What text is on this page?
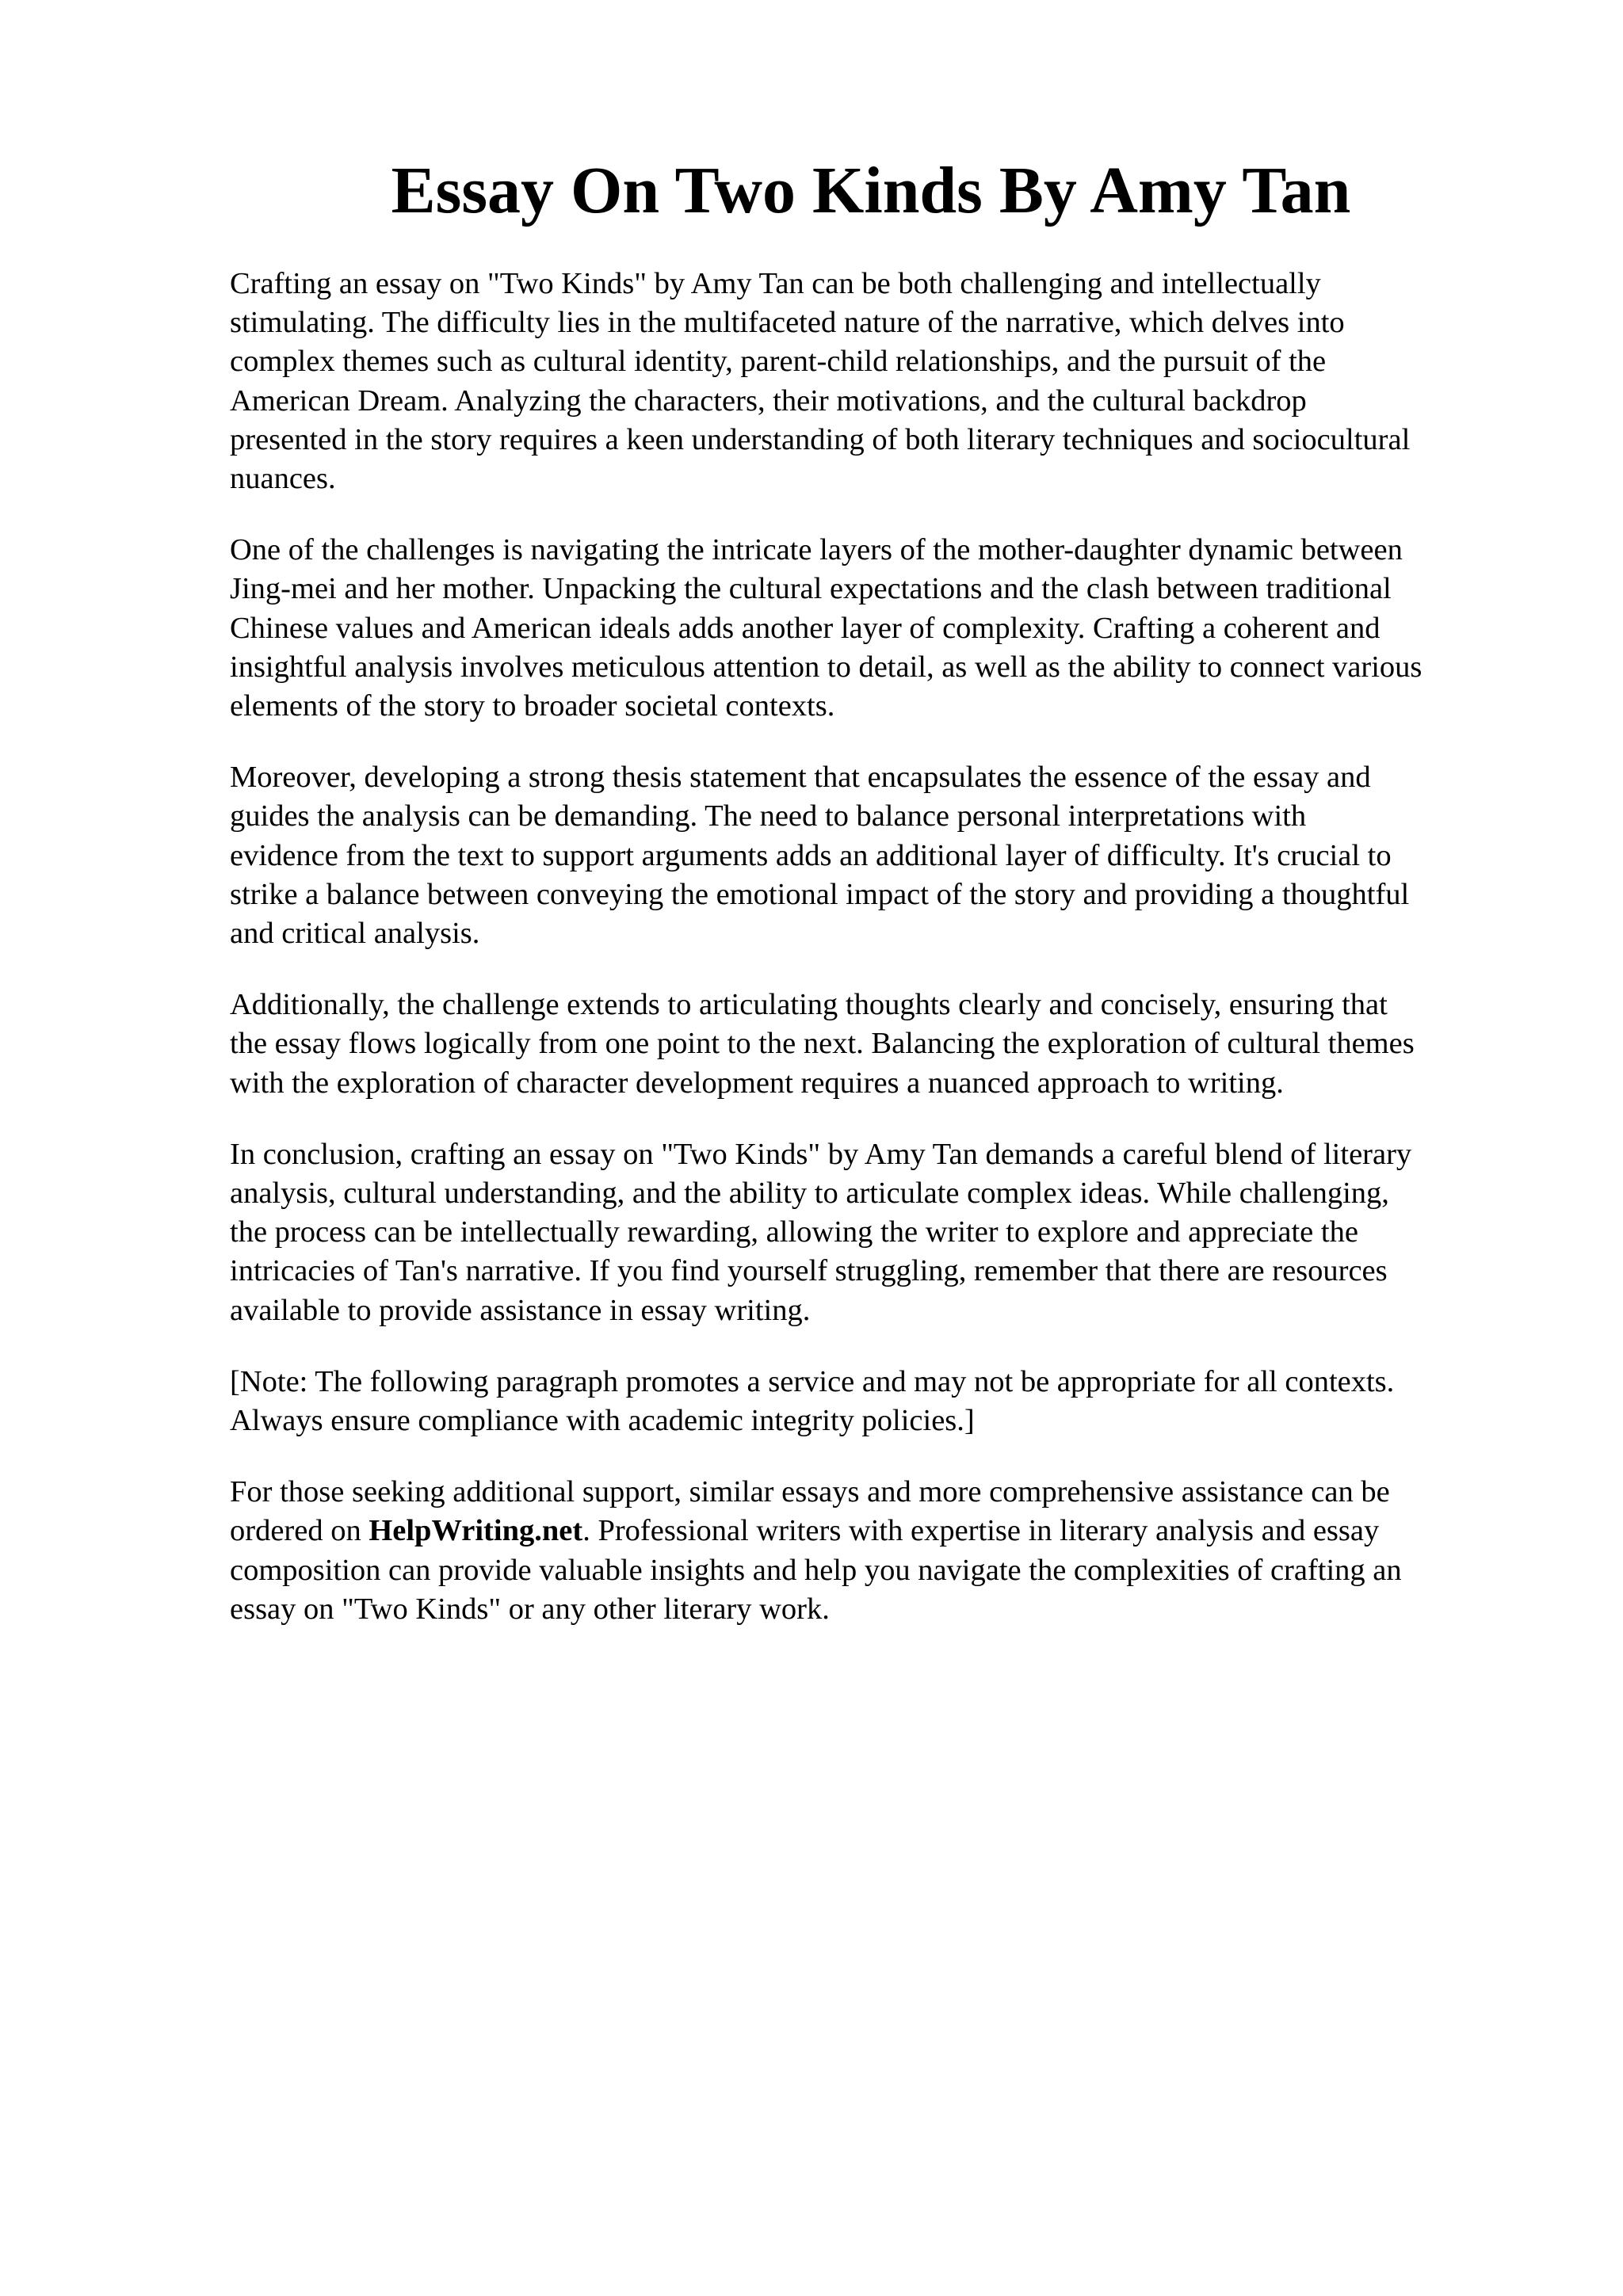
Essay On Two Kinds By Amy Tan

Crafting an essay on "Two Kinds" by Amy Tan can be both challenging and intellectually
stimulating. The difficulty lies in the multifaceted nature of the narrative, which delves into
complex themes such as cultural identity, parent-child relationships, and the pursuit of the
American Dream. Analyzing the characters, their motivations, and the cultural backdrop
presented in the story requires a keen understanding of both literary techniques and sociocultural
nuances.

One of the challenges is navigating the intricate layers of the mother-daughter dynamic between
Jing-mei and her mother. Unpacking the cultural expectations and the clash between traditional
Chinese values and American ideals adds another layer of complexity. Crafting a coherent and
insightful analysis involves meticulous attention to detail, as well as the ability to connect various
elements of the story to broader societal contexts.

Moreover, developing a strong thesis statement that encapsulates the essence of the essay and
guides the analysis can be demanding. The need to balance personal interpretations with
evidence from the text to support arguments adds an additional layer of difficulty. It's crucial to
strike a balance between conveying the emotional impact of the story and providing a thoughtful
and critical analysis.

Additionally, the challenge extends to articulating thoughts clearly and concisely, ensuring that
the essay flows logically from one point to the next. Balancing the exploration of cultural themes
with the exploration of character development requires a nuanced approach to writing.

In conclusion, crafting an essay on "Two Kinds" by Amy Tan demands a careful blend of literary
analysis, cultural understanding, and the ability to articulate complex ideas. While challenging,
the process can be intellectually rewarding, allowing the writer to explore and appreciate the
intricacies of Tan's narrative. If you find yourself struggling, remember that there are resources
available to provide assistance in essay writing.

[Note: The following paragraph promotes a service and may not be appropriate for all contexts.
Always ensure compliance with academic integrity policies.]

For those seeking additional support, similar essays and more comprehensive assistance can be
ordered on HelpWriting.net. Professional writers with expertise in literary analysis and essay
composition can provide valuable insights and help you navigate the complexities of crafting an
essay on "Two Kinds" or any other literary work.
